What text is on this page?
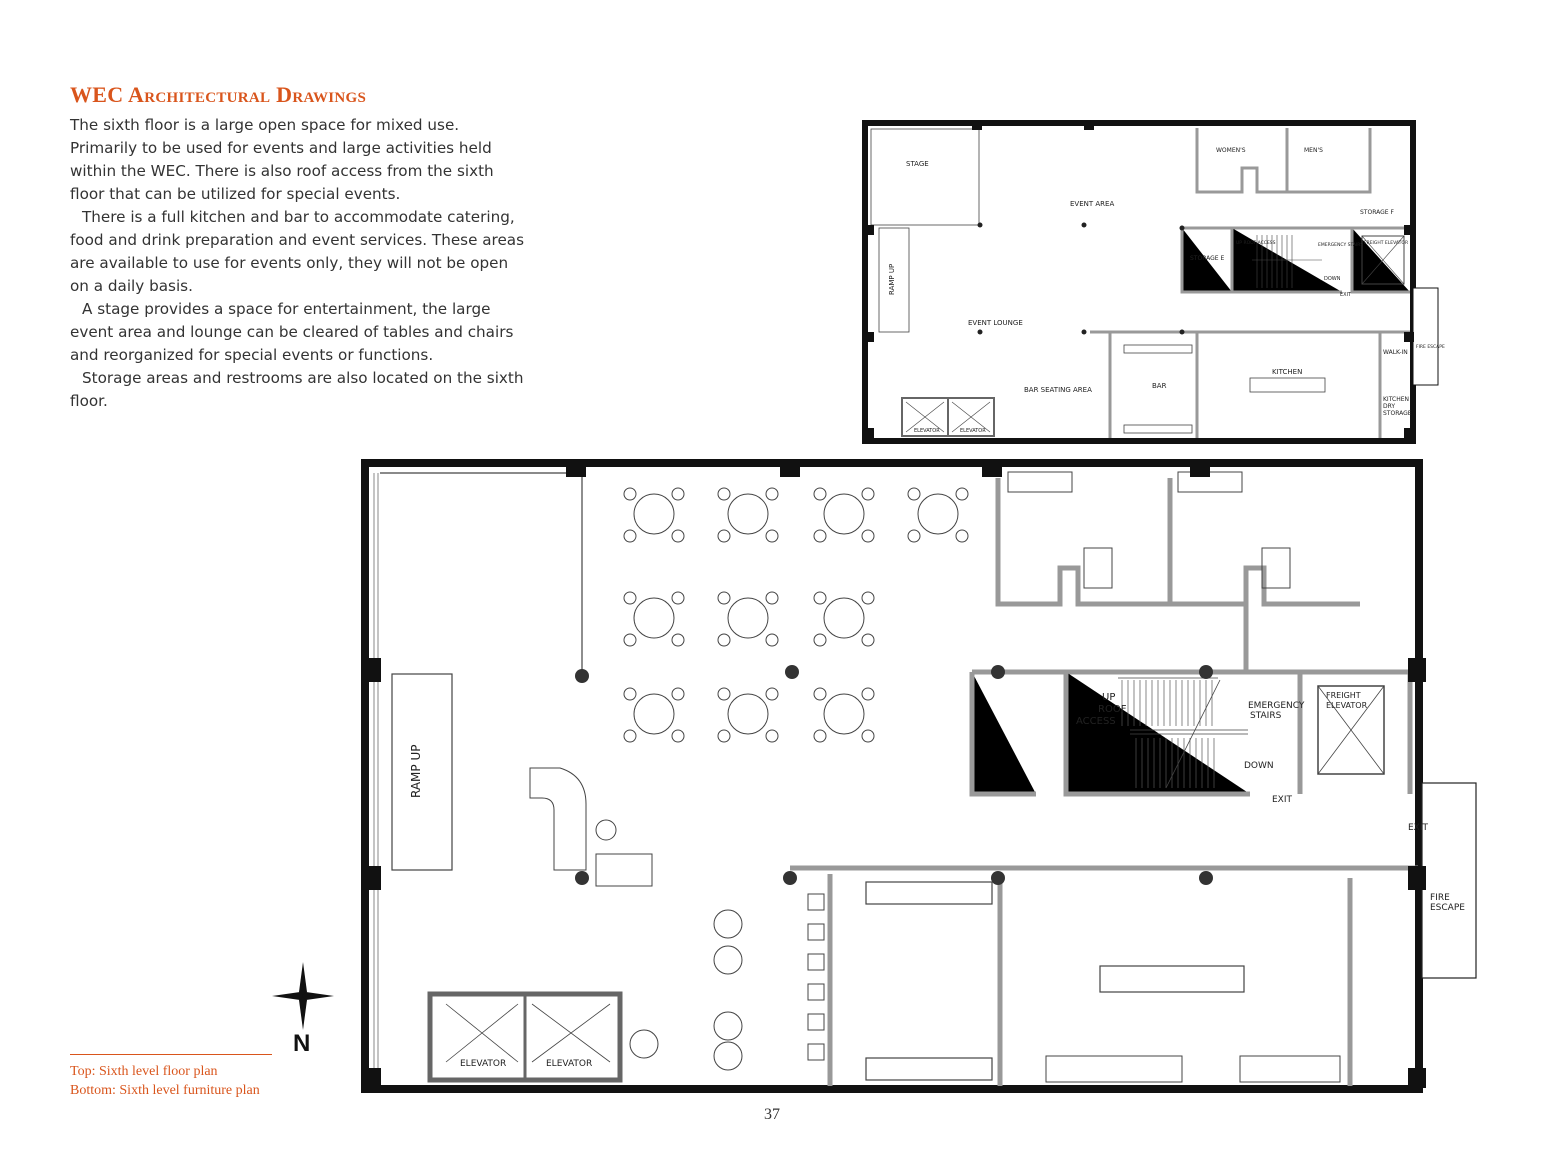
WEC Architectural Drawings

The sixth floor is a large open space for mixed use. Primarily to be used for events and large activities held within the WEC. There is also roof access from the sixth floor that can be utilized for special events.

There is a full kitchen and bar to accommodate catering, food and drink preparation and event services. These areas are available to use for events only, they will not be open on a daily basis.

A stage provides a space for entertainment, the large event area and lounge can be cleared of tables and chairs and reorganized for special events or functions.

Storage areas and restrooms are also located on the sixth floor.

STAGE
EVENT AREA
EVENT LOUNGE
BAR SEATING AREA	BAR
KITCHEN
WALK-IN
KITCHEN
DRY
STORAGE
WOMEN'S	MEN'S
STORAGE F
STORAGE E
UP ROOF ACCESS	EMERGENCY STAIRS FREIGHT ELEVATOR
DOWN
EXIT
FIRE ESCAPE
RAMP UP
ELEVATOR	ELEVATOR
UP
ROOF
ACCESS
EMERGENCY
STAIRS
FREIGHT
ELEVATOR
DOWN
EXIT
EXIT
FIRE
ESCAPE
RAMP UP
ELEVATOR	ELEVATOR
N
Top: Sixth level floor plan
Bottom: Sixth level furniture plan
37
